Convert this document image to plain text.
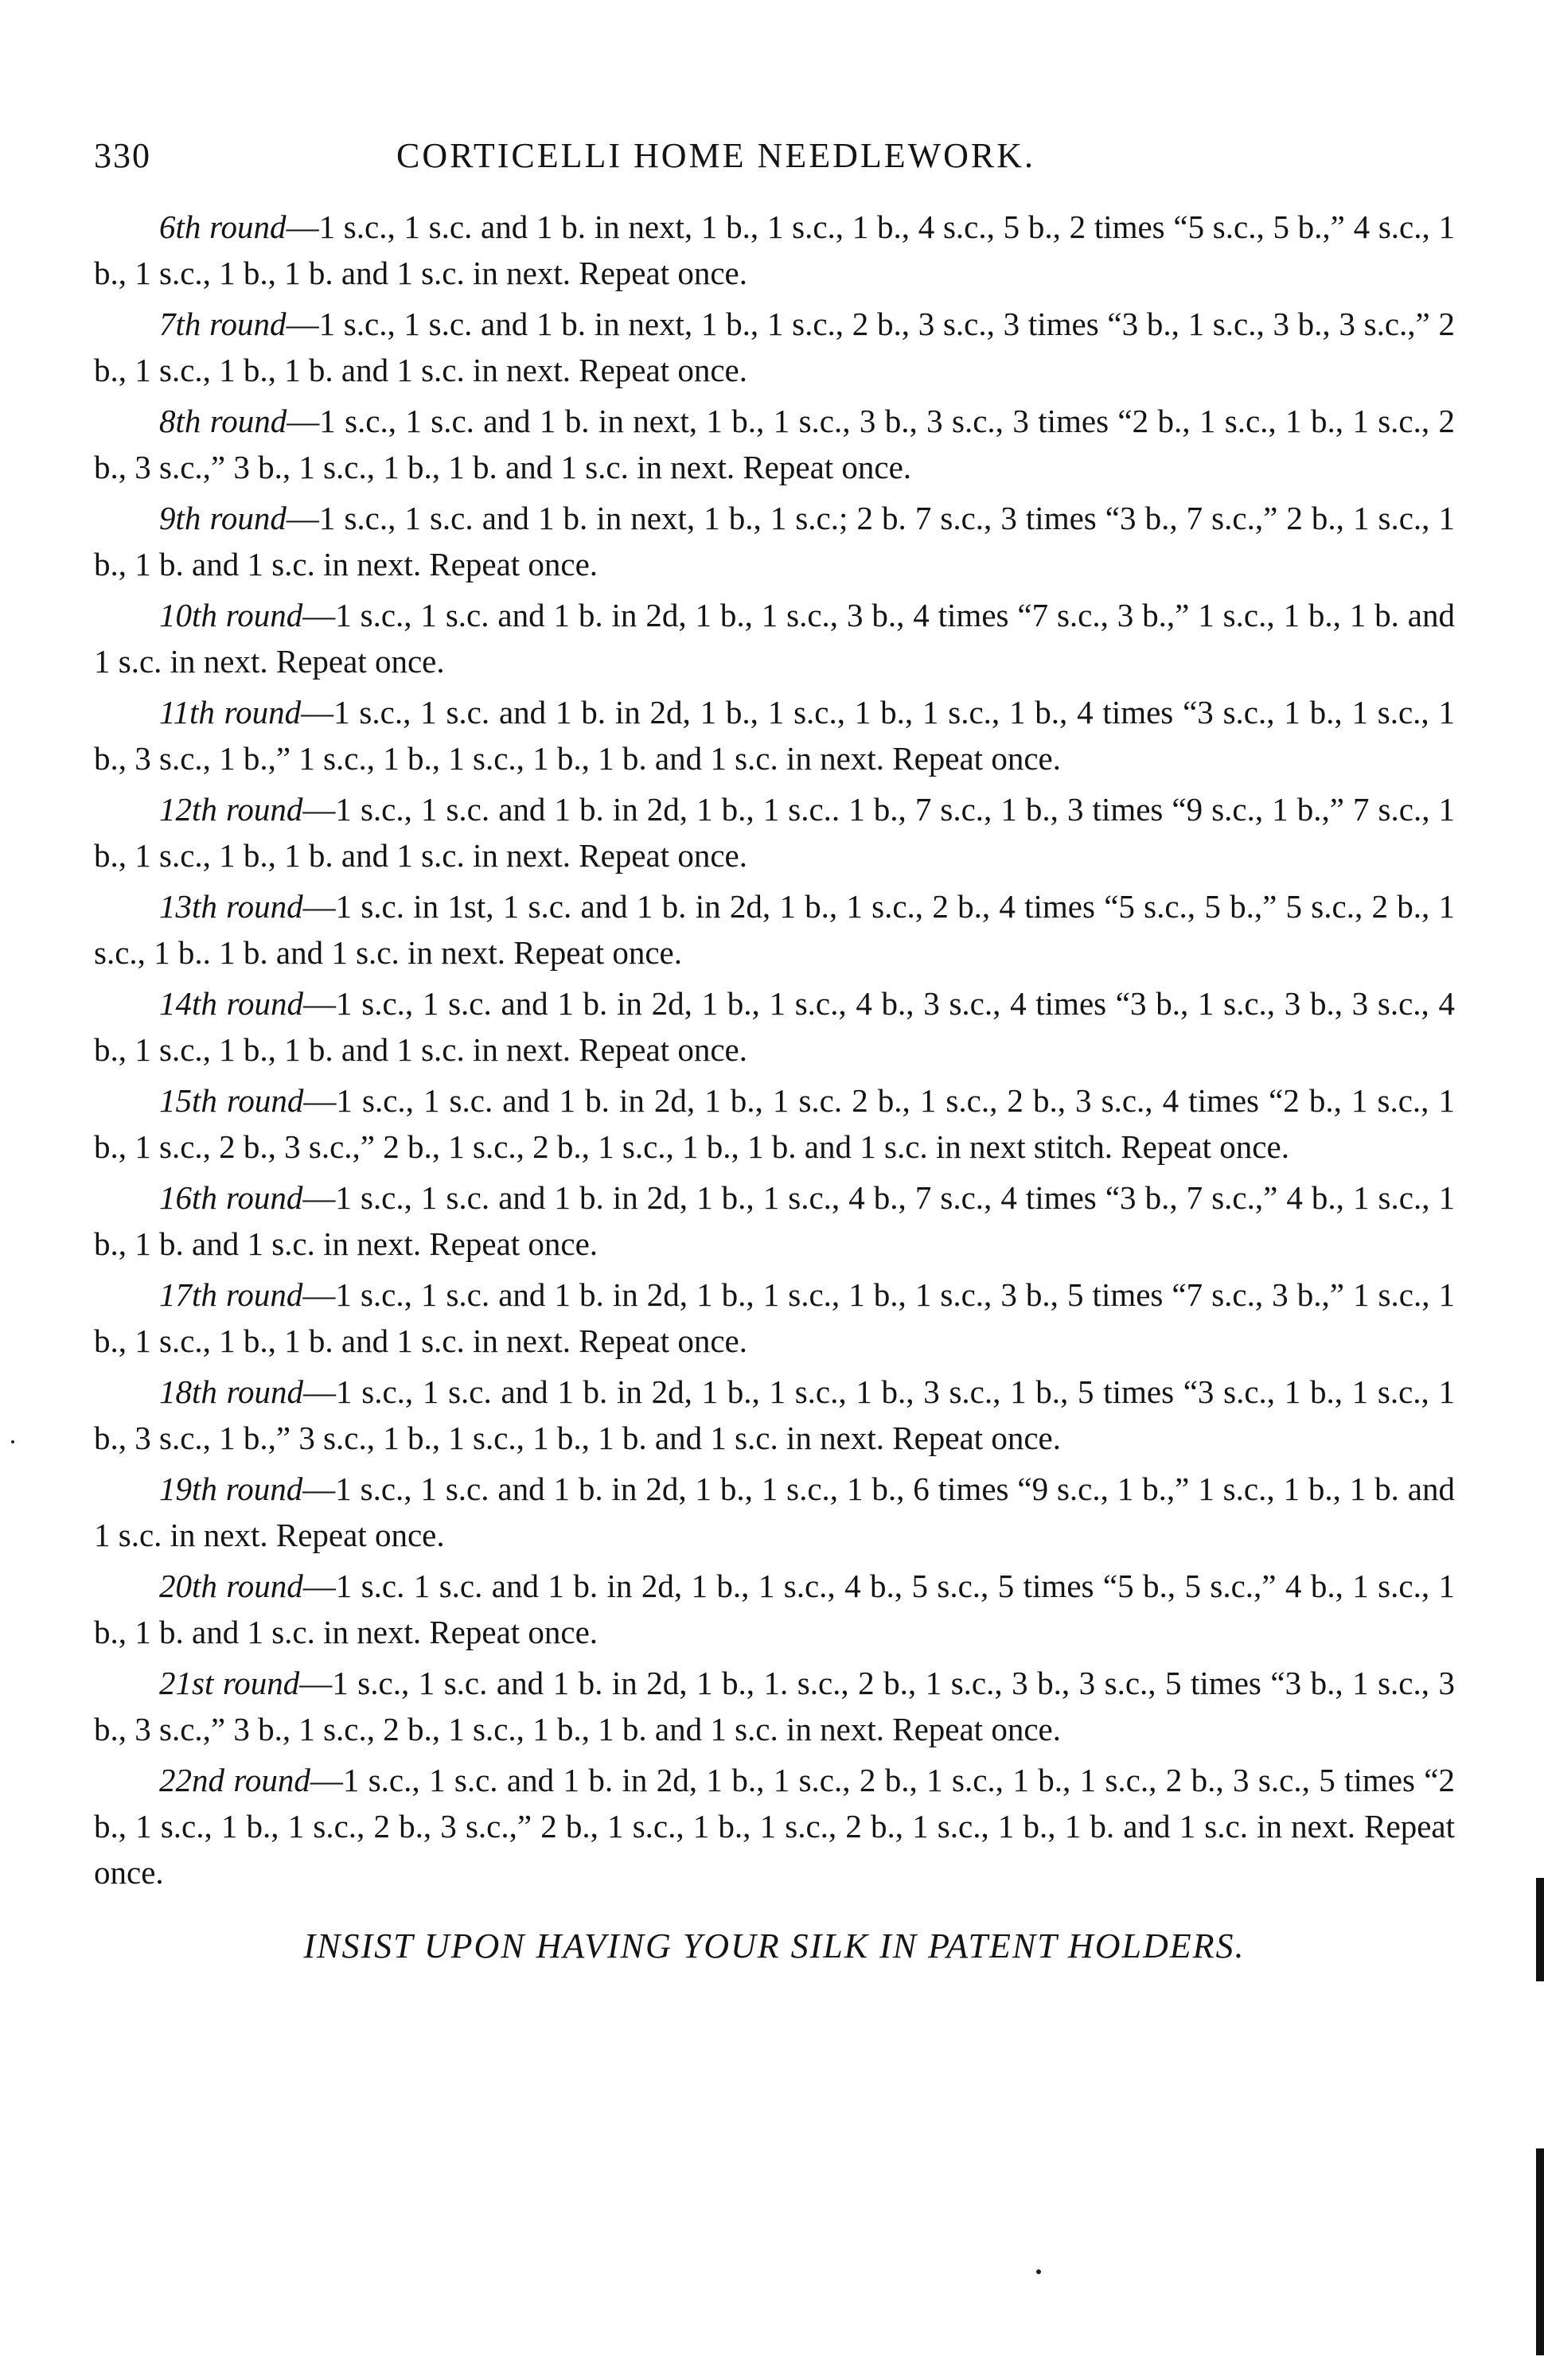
330	CORTICELLI HOME NEEDLEWORK.

6th round—1 s.c., 1 s.c. and 1 b. in next, 1 b., 1 s.c., 1 b., 4 s.c., 5 b., 2 times “5 s.c., 5 b.,” 4 s.c., 1 b., 1 s.c., 1 b., 1 b. and 1 s.c. in next. Repeat once.

7th round—1 s.c., 1 s.c. and 1 b. in next, 1 b., 1 s.c., 2 b., 3 s.c., 3 times “3 b., 1 s.c., 3 b., 3 s.c.,” 2 b., 1 s.c., 1 b., 1 b. and 1 s.c. in next. Repeat once.

8th round—1 s.c., 1 s.c. and 1 b. in next, 1 b., 1 s.c., 3 b., 3 s.c., 3 times “2 b., 1 s.c., 1 b., 1 s.c., 2 b., 3 s.c.,” 3 b., 1 s.c., 1 b., 1 b. and 1 s.c. in next. Repeat once.

9th round—1 s.c., 1 s.c. and 1 b. in next, 1 b., 1 s.c.; 2 b. 7 s.c., 3 times “3 b., 7 s.c.,” 2 b., 1 s.c., 1 b., 1 b. and 1 s.c. in next. Repeat once.

10th round—1 s.c., 1 s.c. and 1 b. in 2d, 1 b., 1 s.c., 3 b., 4 times “7 s.c., 3 b.,” 1 s.c., 1 b., 1 b. and 1 s.c. in next. Repeat once.

11th round—1 s.c., 1 s.c. and 1 b. in 2d, 1 b., 1 s.c., 1 b., 1 s.c., 1 b., 4 times “3 s.c., 1 b., 1 s.c., 1 b., 3 s.c., 1 b.,” 1 s.c., 1 b., 1 s.c., 1 b., 1 b. and 1 s.c. in next. Repeat once.

12th round—1 s.c., 1 s.c. and 1 b. in 2d, 1 b., 1 s.c.. 1 b., 7 s.c., 1 b., 3 times “9 s.c., 1 b.,” 7 s.c., 1 b., 1 s.c., 1 b., 1 b. and 1 s.c. in next. Repeat once.

13th round—1 s.c. in 1st, 1 s.c. and 1 b. in 2d, 1 b., 1 s.c., 2 b., 4 times “5 s.c., 5 b.,” 5 s.c., 2 b., 1 s.c., 1 b.. 1 b. and 1 s.c. in next. Repeat once.

14th round—1 s.c., 1 s.c. and 1 b. in 2d, 1 b., 1 s.c., 4 b., 3 s.c., 4 times “3 b., 1 s.c., 3 b., 3 s.c., 4 b., 1 s.c., 1 b., 1 b. and 1 s.c. in next. Repeat once.

15th round—1 s.c., 1 s.c. and 1 b. in 2d, 1 b., 1 s.c. 2 b., 1 s.c., 2 b., 3 s.c., 4 times “2 b., 1 s.c., 1 b., 1 s.c., 2 b., 3 s.c.,” 2 b., 1 s.c., 2 b., 1 s.c., 1 b., 1 b. and 1 s.c. in next stitch. Repeat once.

16th round—1 s.c., 1 s.c. and 1 b. in 2d, 1 b., 1 s.c., 4 b., 7 s.c., 4 times “3 b., 7 s.c.,” 4 b., 1 s.c., 1 b., 1 b. and 1 s.c. in next. Repeat once.

17th round—1 s.c., 1 s.c. and 1 b. in 2d, 1 b., 1 s.c., 1 b., 1 s.c., 3 b., 5 times “7 s.c., 3 b.,” 1 s.c., 1 b., 1 s.c., 1 b., 1 b. and 1 s.c. in next. Repeat once.

18th round—1 s.c., 1 s.c. and 1 b. in 2d, 1 b., 1 s.c., 1 b., 3 s.c., 1 b., 5 times “3 s.c., 1 b., 1 s.c., 1 b., 3 s.c., 1 b.,” 3 s.c., 1 b., 1 s.c., 1 b., 1 b. and 1 s.c. in next. Repeat once.

19th round—1 s.c., 1 s.c. and 1 b. in 2d, 1 b., 1 s.c., 1 b., 6 times “9 s.c., 1 b.,” 1 s.c., 1 b., 1 b. and 1 s.c. in next. Repeat once.

20th round—1 s.c. 1 s.c. and 1 b. in 2d, 1 b., 1 s.c., 4 b., 5 s.c., 5 times “5 b., 5 s.c.,” 4 b., 1 s.c., 1 b., 1 b. and 1 s.c. in next. Repeat once.

21st round—1 s.c., 1 s.c. and 1 b. in 2d, 1 b., 1. s.c., 2 b., 1 s.c., 3 b., 3 s.c., 5 times “3 b., 1 s.c., 3 b., 3 s.c.,” 3 b., 1 s.c., 2 b., 1 s.c., 1 b., 1 b. and 1 s.c. in next. Repeat once.

22nd round—1 s.c., 1 s.c. and 1 b. in 2d, 1 b., 1 s.c., 2 b., 1 s.c., 1 b., 1 s.c., 2 b., 3 s.c., 5 times “2 b., 1 s.c., 1 b., 1 s.c., 2 b., 3 s.c.,” 2 b., 1 s.c., 1 b., 1 s.c., 2 b., 1 s.c., 1 b., 1 b. and 1 s.c. in next. Repeat once.

INSIST UPON HAVING YOUR SILK IN PATENT HOLDERS.
